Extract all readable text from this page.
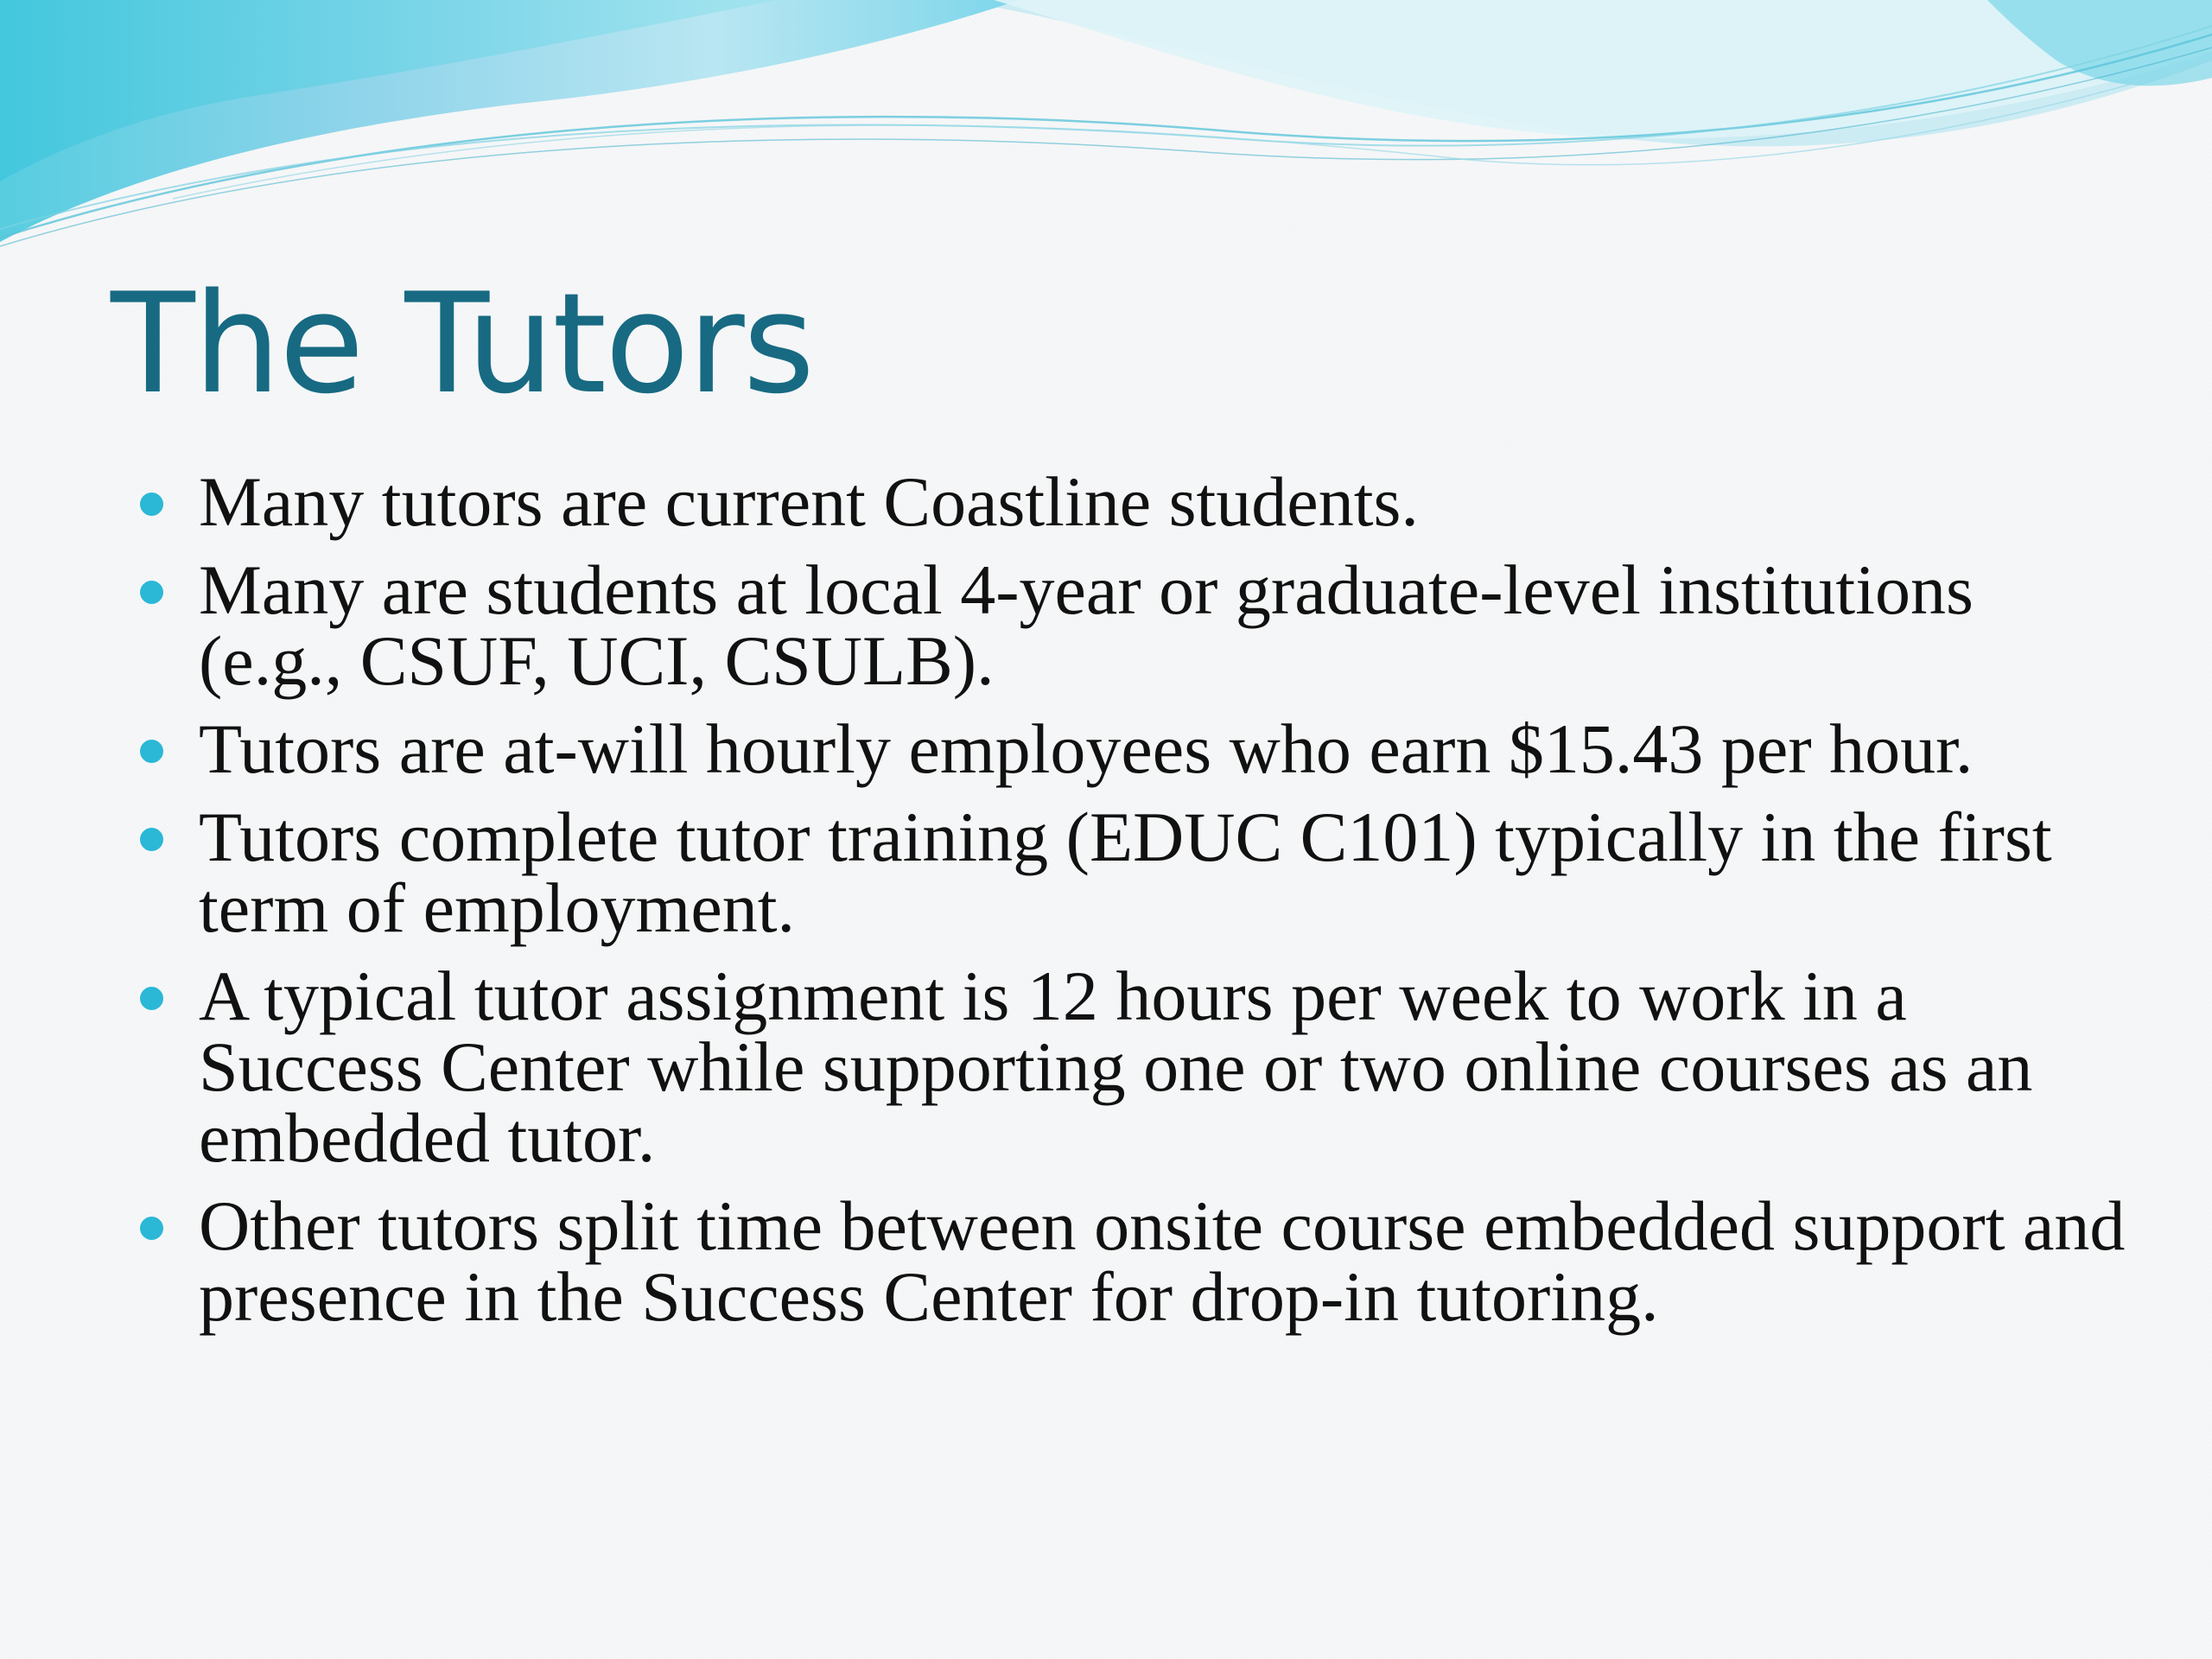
The Tutors
Many tutors are current Coastline students.
Many are students at local 4-year or graduate-level institutions (e.g., CSUF, UCI, CSULB).
Tutors are at-will hourly employees who earn $15.43 per hour.
Tutors complete tutor training (EDUC C101) typically in the first term of employment.
A typical tutor assignment is 12 hours per week to work in a Success Center while supporting one or two online courses as an embedded tutor.
Other tutors split time between onsite course embedded support and presence in the Success Center for drop-in tutoring.
